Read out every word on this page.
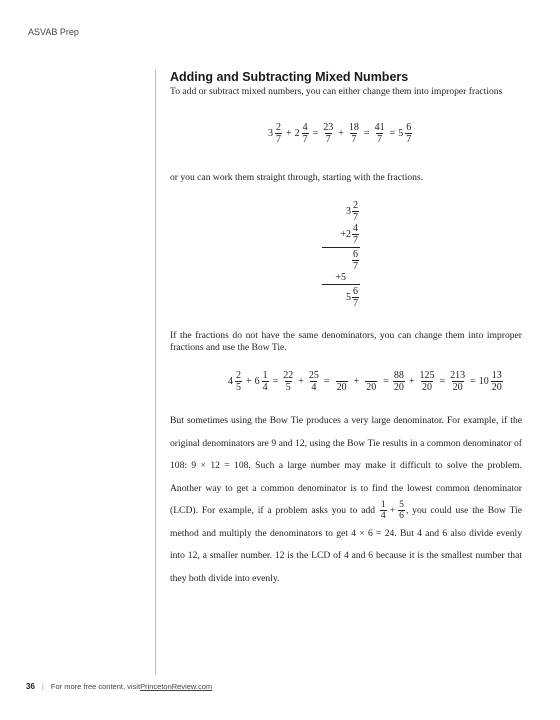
ASVAB Prep
Adding and Subtracting Mixed Numbers
To add or subtract mixed numbers, you can either change them into improper fractions
$3 \frac{2}{7} + 2 \frac{4}{7} = \frac{23}{7} + \frac{18}{7} = \frac{41}{7} = 5 \frac{6}{7}$
or you can work them straight through, starting with the fractions.
$3 \frac{2}{7}$
$+2 \frac{4}{7}$
$\frac{6}{7}$
+5
$5 \frac{6}{7}$
If the fractions do not have the same denominators, you can change them into improper fractions and use the Bow Tie.
$4 \frac{2}{5} + 6 \frac{1}{4} = \frac{22}{5} + \frac{25}{4}$ =

20
+

20
= $\frac{88}{20} + \frac{125}{20} = \frac{213}{20} = 10 \frac{13}{20}$
But sometimes using the Bow Tie produces a very large denominator. For example, if the original denominators are 9 and 12, using the Bow Tie results in a common denominator of 108: 9 × 12 = 108. Such a large number may make it difficult to solve the problem. Another way to get a common denominator is to find the lowest common denominator (LCD). For example, if a problem asks you to add $\frac{1}{4} + \frac{5}{6}$ , you could use the Bow Tie method and multiply the denominators to get 4 × 6 = 24. But 4 and 6 also divide evenly into 12, a smaller number. 12 is the LCD of 4 and 6 because it is the smallest number that they both divide into evenly.
36 | For more free content, visit PrincetonReview.com
